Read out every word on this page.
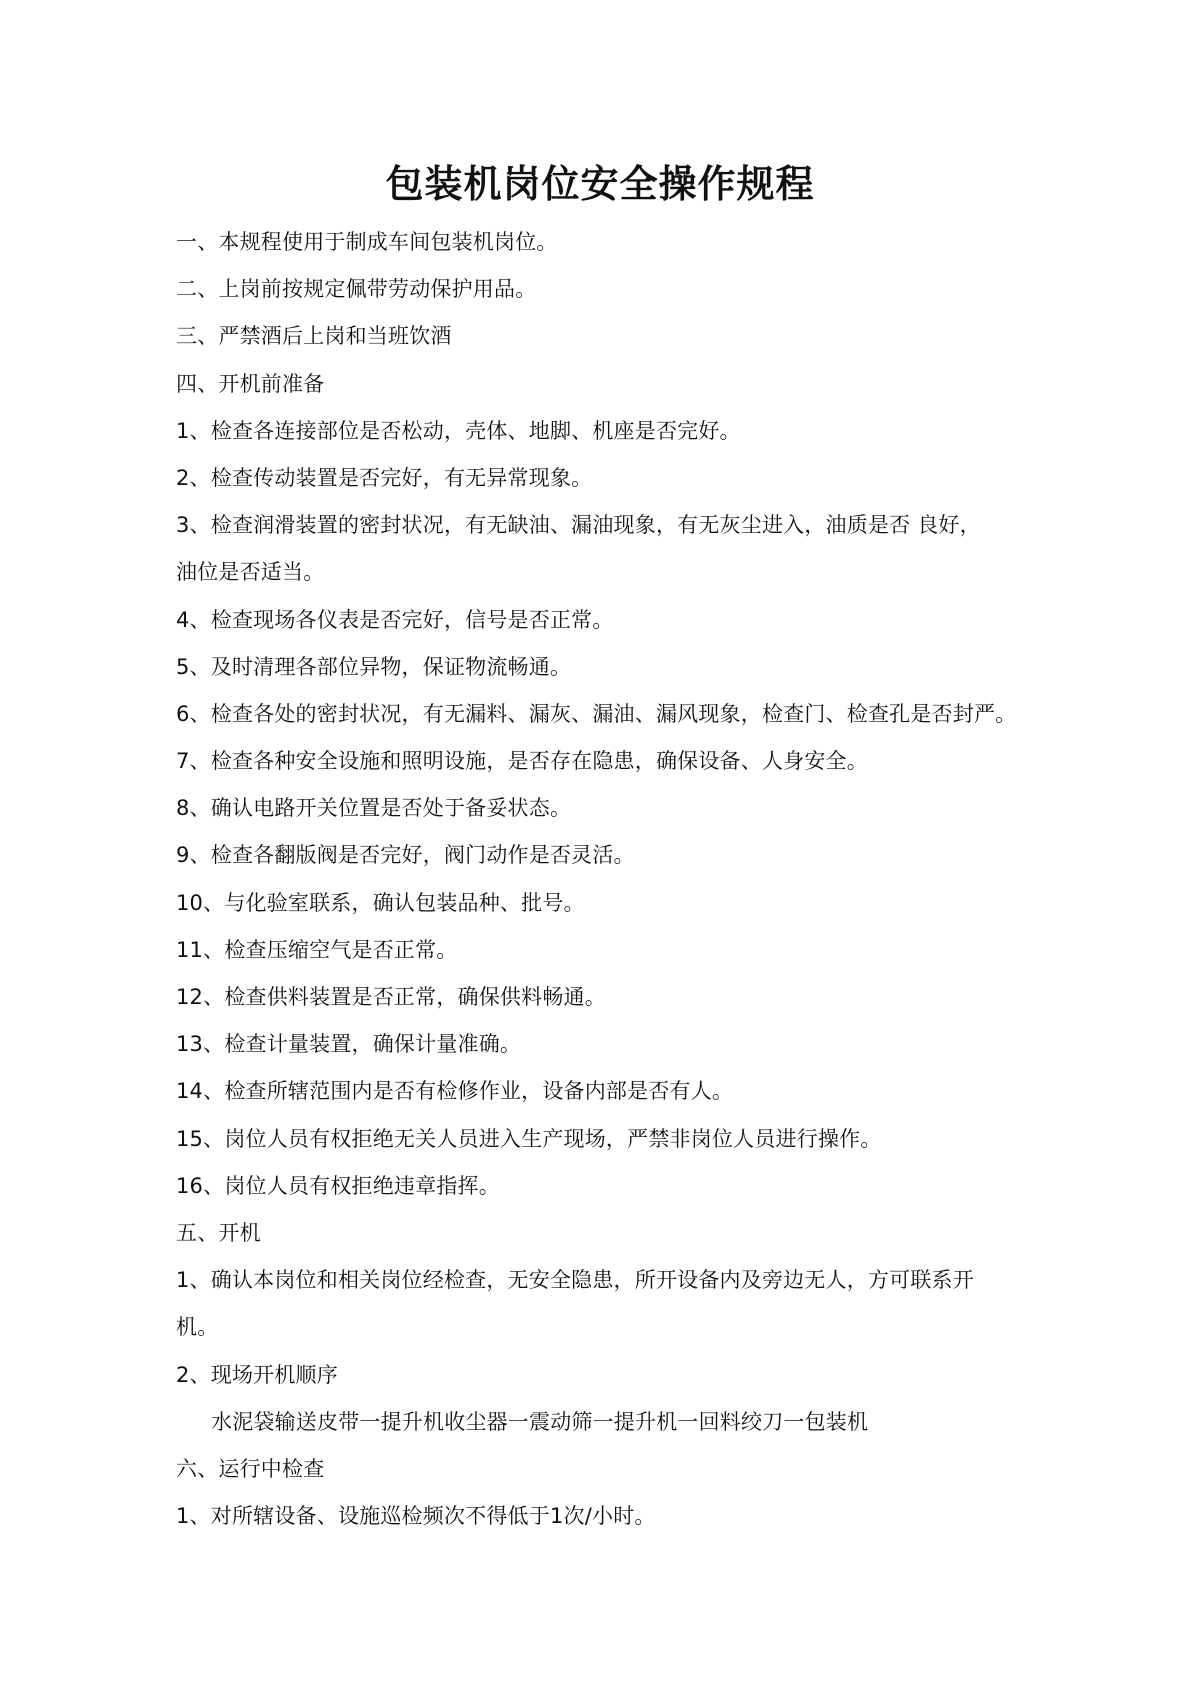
包装机岗位安全操作规程
一、本规程使用于制成车间包装机岗位。
二、上岗前按规定佩带劳动保护用品。
三、严禁酒后上岗和当班饮酒
四、开机前准备
1、检查各连接部位是否松动，壳体、地脚、机座是否完好。
2、检查传动装置是否完好，有无异常现象。
3、检查润滑装置的密封状况，有无缺油、漏油现象，有无灰尘进入，油质是否 良好，
油位是否适当。
4、检查现场各仪表是否完好，信号是否正常。
5、及时清理各部位异物，保证物流畅通。
6、检查各处的密封状况，有无漏料、漏灰、漏油、漏风现象，检查门、检查孔是否封严。
7、检查各种安全设施和照明设施，是否存在隐患，确保设备、人身安全。
8、确认电路开关位置是否处于备妥状态。
9、检查各翻版阀是否完好，阀门动作是否灵活。
10、与化验室联系，确认包装品种、批号。
11、检查压缩空气是否正常。
12、检查供料装置是否正常，确保供料畅通。
13、检查计量装置，确保计量准确。
14、检查所辖范围内是否有检修作业，设备内部是否有人。
15、岗位人员有权拒绝无关人员进入生产现场，严禁非岗位人员进行操作。
16、岗位人员有权拒绝违章指挥。
五、开机
1、确认本岗位和相关岗位经检查，无安全隐患，所开设备内及旁边无人，方可联系开
机。
2、现场开机顺序
水泥袋输送皮带一提升机收尘器一震动筛一提升机一回料绞刀一包装机
六、运行中检查
1、对所辖设备、设施巡检频次不得低于1次/小时。
